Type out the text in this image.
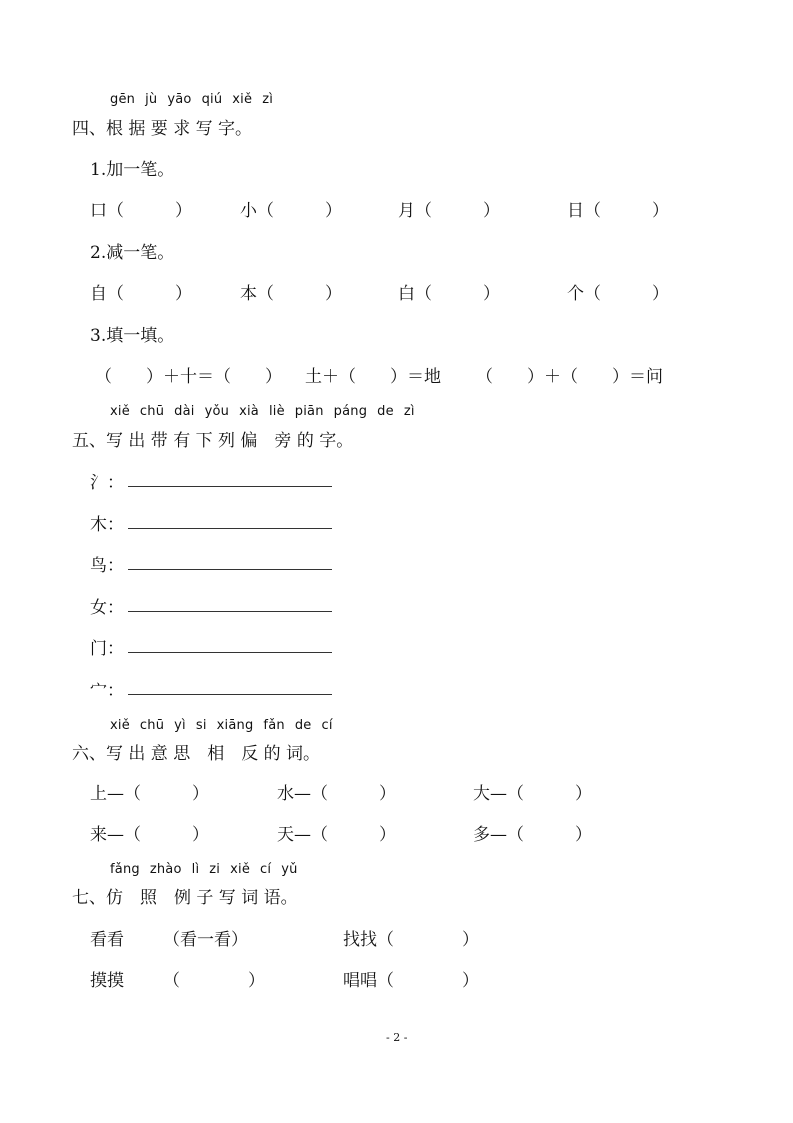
gēn jù yāo qiú xiě zì
四、根 据 要 求 写 字。
1.加一笔。
口（　　　）	小（　　　）	月（　　　）	日（　　　）
2.减一笔。
自（　　　）	本（　　　）	白（　　　）	个（　　　）
3.填一填。
（　　）＋十＝（　　） 土＋（　　）＝地 （　　）＋（　　）＝问
xiě chū dài yǒu xià liè piān páng de zì
五、写 出 带 有 下 列 偏　旁 的 字。
氵：
木：
鸟：
女：
门：
宀：
xiě chū yì si xiāng fǎn de cí
六、写 出 意 思　相　反 的 词。
上—（　　　）	水—（　　　）	大—（　　　）
来—（　　　）	天—（　　　）	多—（　　　）
fǎng zhào lì zi xiě cí yǔ
七、仿　照　例 子 写 词 语。
看看 （看一看）	找找（　　　　）
摸摸 （　　　　）	唱唱（　　　　）
- 2 -
